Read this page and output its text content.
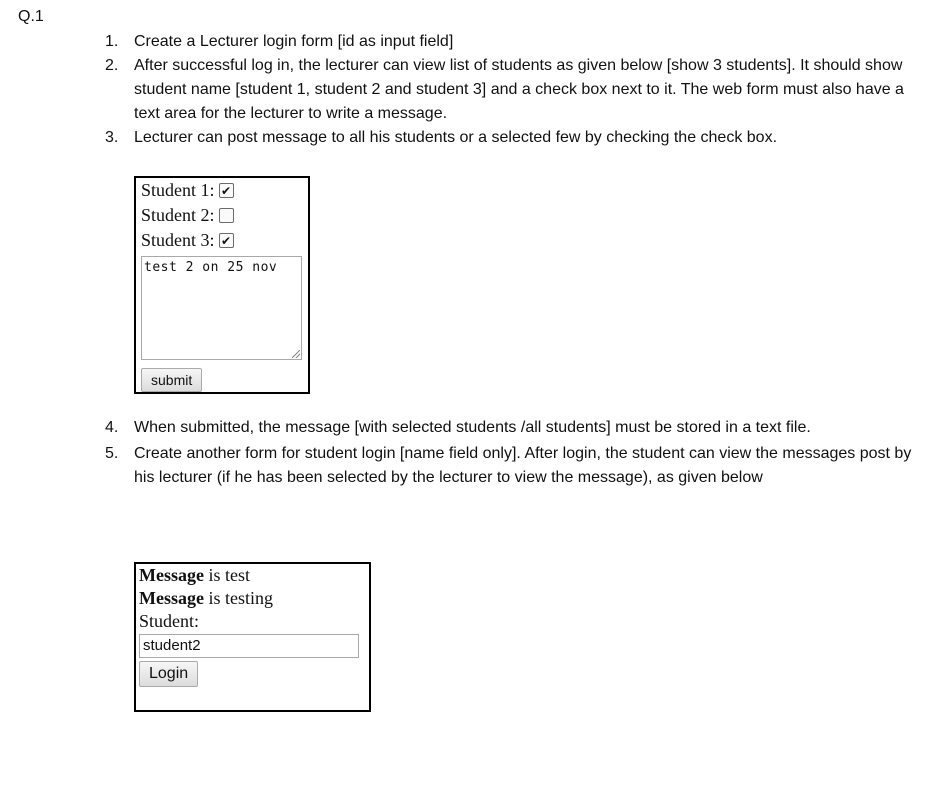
Q.1
1. Create a Lecturer login form [id as input field]
2. After successful log in, the lecturer can view list of students as given below [show 3 students]. It should show student name [student 1, student 2 and student 3] and a check box next to it. The web form must also have a text area for the lecturer to write a message.
3. Lecturer can post message to all his students or a selected few by checking the check box.
Student 1: ✔
Student 2:
Student 3: ✔
test 2 on 25 nov
submit
4. When submitted, the message [with selected students /all students] must be stored in a text file.
5. Create another form for student login [name field only]. After login, the student can view the messages post by his lecturer (if he has been selected by the lecturer to view the message), as given below
Message is test
Message is testing
Student:
student2
Login
